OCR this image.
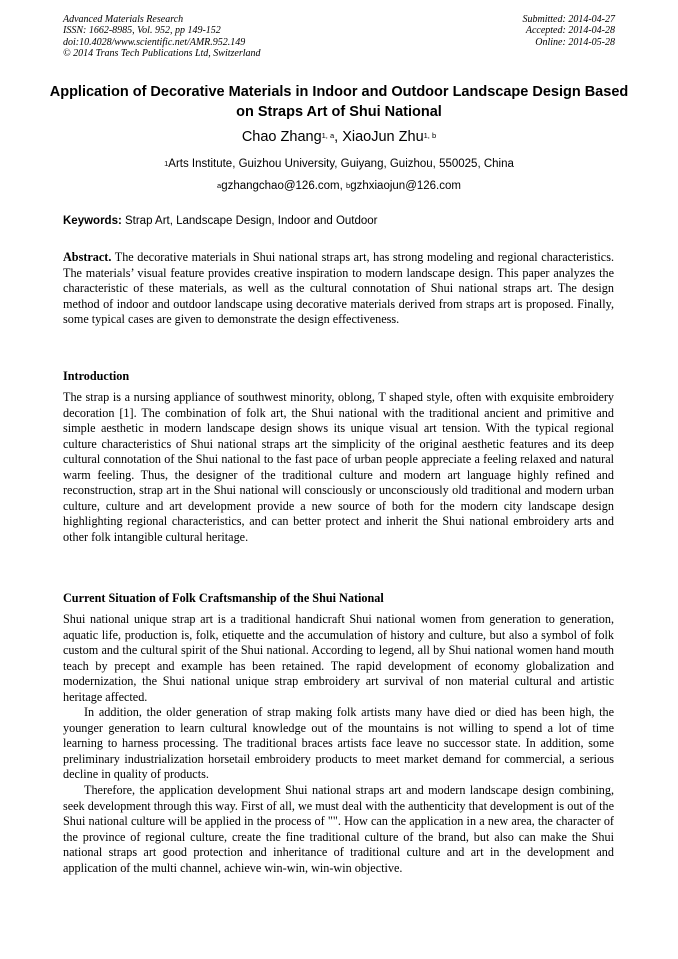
Advanced Materials Research
ISSN: 1662-8985, Vol. 952, pp 149-152
doi:10.4028/www.scientific.net/AMR.952.149
© 2014 Trans Tech Publications Ltd, Switzerland
Submitted: 2014-04-27
Accepted: 2014-04-28
Online: 2014-05-28
Application of Decorative Materials in Indoor and Outdoor Landscape Design Based on Straps Art of Shui National
Chao Zhang$^{1, a}$, XiaoJun Zhu$^{1, b}$
$^1$Arts Institute, Guizhou University, Guiyang, Guizhou, 550025, China
$^a$gzhangchao@126.com, $^b$gzhxiaojun@126.com
Keywords: Strap Art, Landscape Design, Indoor and Outdoor

Abstract. The decorative materials in Shui national straps art, has strong modeling and regional characteristics. The materials’ visual feature provides creative inspiration to modern landscape design. This paper analyzes the characteristic of these materials, as well as the cultural connotation of Shui national straps art. The design method of indoor and outdoor landscape using decorative materials derived from straps art is proposed. Finally, some typical cases are given to demonstrate the design effectiveness.

Introduction

The strap is a nursing appliance of southwest minority, oblong, T shaped style, often with exquisite embroidery decoration [1]. The combination of folk art, the Shui national with the traditional ancient and primitive and simple aesthetic in modern landscape design shows its unique visual art tension. With the typical regional culture characteristics of Shui national straps art the simplicity of the original aesthetic features and its deep cultural connotation of the Shui national to the fast pace of urban people appreciate a feeling relaxed and natural warm feeling. Thus, the designer of the traditional culture and modern art language highly refined and reconstruction, strap art in the Shui national will consciously or unconsciously old traditional and modern urban culture, culture and art development provide a new source of both for the modern city landscape design highlighting regional characteristics, and can better protect and inherit the Shui national embroidery arts and other folk intangible cultural heritage.

Current Situation of Folk Craftsmanship of the Shui National

Shui national unique strap art is a traditional handicraft Shui national women from generation to generation, aquatic life, production is, folk, etiquette and the accumulation of history and culture, but also a symbol of folk custom and the cultural spirit of the Shui national. According to legend, all by Shui national women hand mouth teach by precept and example has been retained. The rapid development of economy globalization and modernization, the Shui national unique strap embroidery art survival of non material cultural and artistic heritage affected.

In addition, the older generation of strap making folk artists many have died or died has been high, the younger generation to learn cultural knowledge out of the mountains is not willing to spend a lot of time learning to harness processing. The traditional braces artists face leave no successor state. In addition, some preliminary industrialization horsetail embroidery products to meet market demand for commercial, a serious decline in quality of products.

Therefore, the application development Shui national straps art and modern landscape design combining, seek development through this way. First of all, we must deal with the authenticity that development is out of the Shui national culture will be applied in the process of "". How can the application in a new area, the character of the province of regional culture, create the fine traditional culture of the brand, but also can make the Shui national straps art good protection and inheritance of traditional culture and art in the development and application of the multi channel, achieve win-win, win-win objective.
